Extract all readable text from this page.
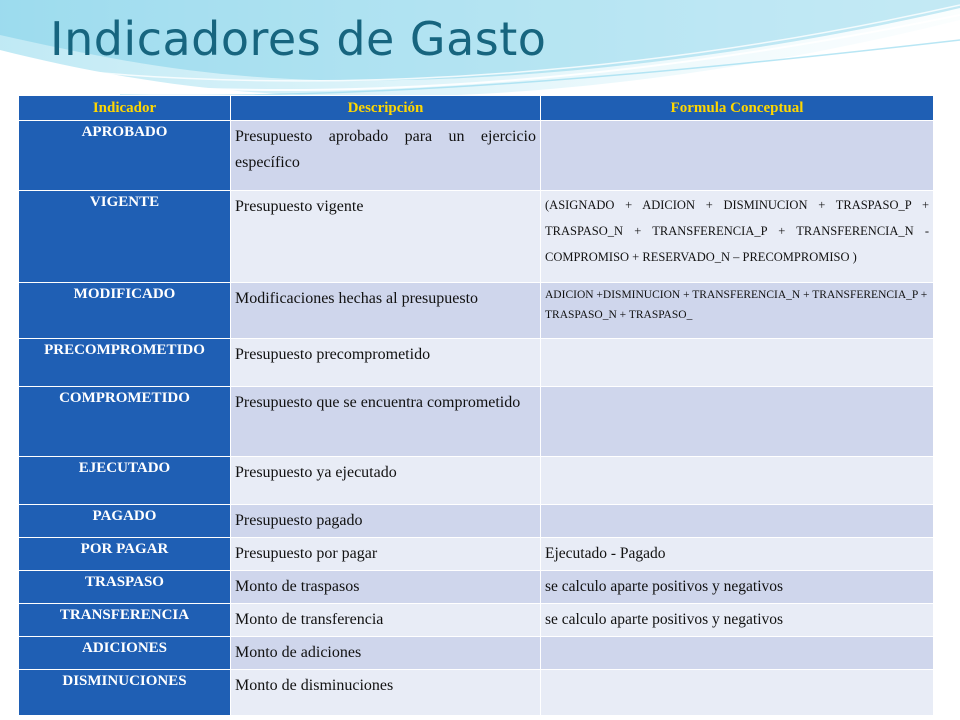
Indicadores de Gasto
Indicador	Descripción	Formula Conceptual
APROBADO	Presupuesto aprobado para un ejercicio específico	
VIGENTE	Presupuesto vigente	(ASIGNADO + ADICION + DISMINUCION + TRASPASO_P + TRASPASO_N + TRANSFERENCIA_P + TRANSFERENCIA_N - COMPROMISO + RESERVADO_N – PRECOMPROMISO )
MODIFICADO	Modificaciones hechas al presupuesto	ADICION +DISMINUCION + TRANSFERENCIA_N + TRANSFERENCIA_P + TRASPASO_N + TRASPASO_
PRECOMPROMETIDO	Presupuesto precomprometido	
COMPROMETIDO	Presupuesto que se encuentra comprometido	
EJECUTADO	Presupuesto ya ejecutado	
PAGADO	Presupuesto pagado	
POR PAGAR	Presupuesto por pagar	Ejecutado - Pagado
TRASPASO	Monto de traspasos	se calculo aparte positivos y negativos
TRANSFERENCIA	Monto de transferencia	se calculo aparte positivos y negativos
ADICIONES	Monto de adiciones	
DISMINUCIONES	Monto de disminuciones	
